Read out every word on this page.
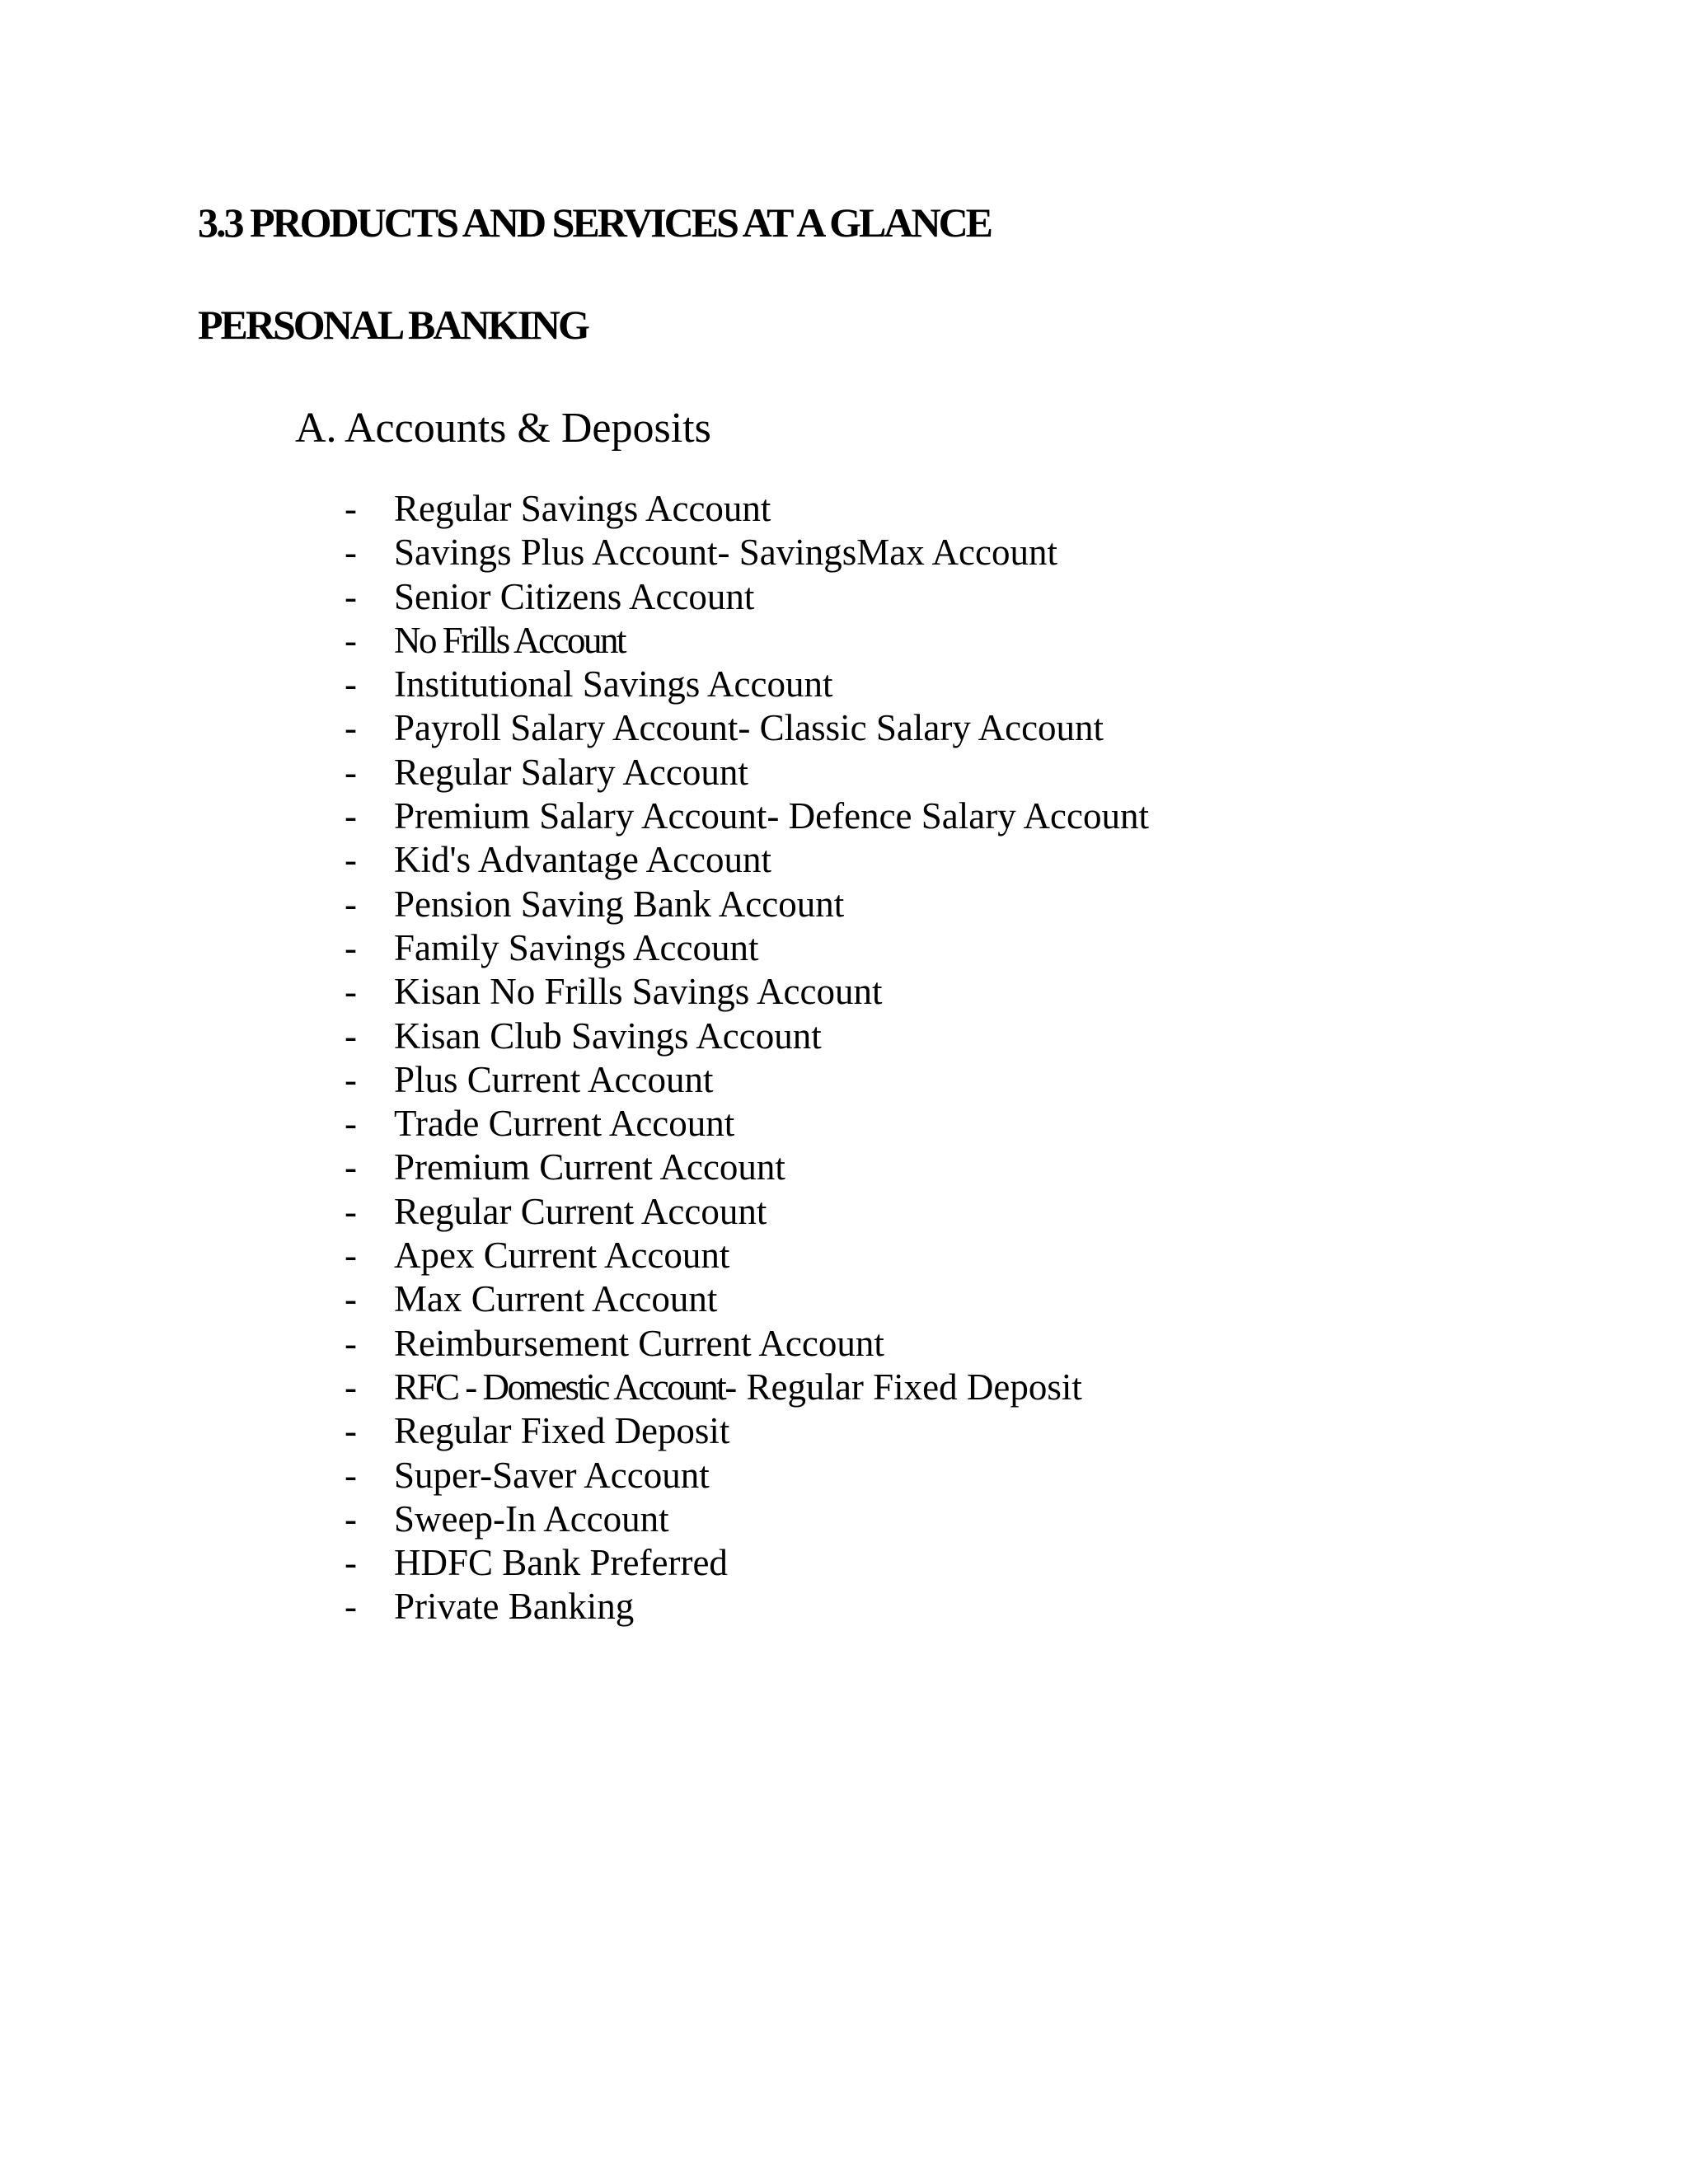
3.3 PRODUCTS AND SERVICES AT A GLANCE
PERSONAL BANKING
A. Accounts & Deposits
- Regular Savings Account
- Savings Plus Account- SavingsMax Account
- Senior Citizens Account
- No Frills Account
- Institutional Savings Account
- Payroll Salary Account- Classic Salary Account
- Regular Salary Account
- Premium Salary Account- Defence Salary Account
- Kid's Advantage Account
- Pension Saving Bank Account
- Family Savings Account
- Kisan No Frills Savings Account
- Kisan Club Savings Account
- Plus Current Account
- Trade Current Account
- Premium Current Account
- Regular Current Account
- Apex Current Account
- Max Current Account
- Reimbursement Current Account
- RFC - Domestic Account- Regular Fixed Deposit
- Regular Fixed Deposit
- Super-Saver Account
- Sweep-In Account
- HDFC Bank Preferred
- Private Banking
